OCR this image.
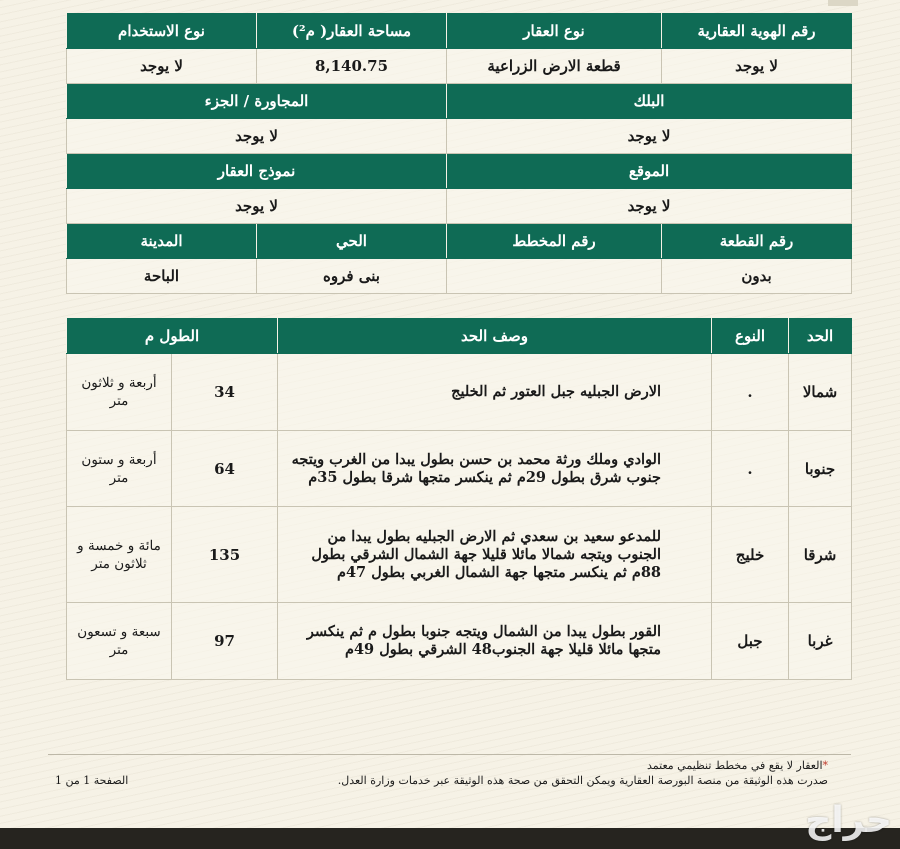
رقم الهوية العقارية	نوع العقار	مساحة العقار( م²)	نوع الاستخدام
لا يوجد	قطعة الارض الزراعية	8,140.75	لا يوجد
البلك		المجاورة / الجزء	
لا يوجد		لا يوجد	
الموقع		نموذج العقار	
لا يوجد		لا يوجد	
رقم القطعة	رقم المخطط	الحي	المدينة
بدون		بنى فروه	الباحة
الحد	النوع	وصف الحد	الطول م	
شمالا	.	الارض الجبليه جبل العتور ثم الخليج	34	أربعة و ثلاثون متر
جنوبا	.	الوادي وملك ورثة محمد بن حسن بطول يبدا من الغرب ويتجه جنوب شرق بطول 29م ثم ينكسر متجها شرقا بطول 35م	64	أربعة و ستون متر
شرقا	خليج	للمدعو سعيد بن سعدي ثم الارض الجبليه بطول يبدا من الجنوب ويتجه شمالا مائلا قليلا جهة الشمال الشرقي بطول 88م ثم ينكسر متجها جهة الشمال الغربي بطول 47م	135	مائة و خمسة و ثلاثون متر
غربا	جبل	القور بطول يبدا من الشمال ويتجه جنوبا بطول م ثم ينكسر متجها مائلا قليلا جهة الجنوب48 الشرقي بطول 49م	97	سبعة و تسعون متر
*العقار لا يقع في مخطط تنظيمي معتمد
صدرت هذه الوثيقة من منصة البورصة العقارية ويمكن التحقق من صحة هذه الوثيقة عبر خدمات وزارة العدل.
الصفحة 1 من 1
حراج
